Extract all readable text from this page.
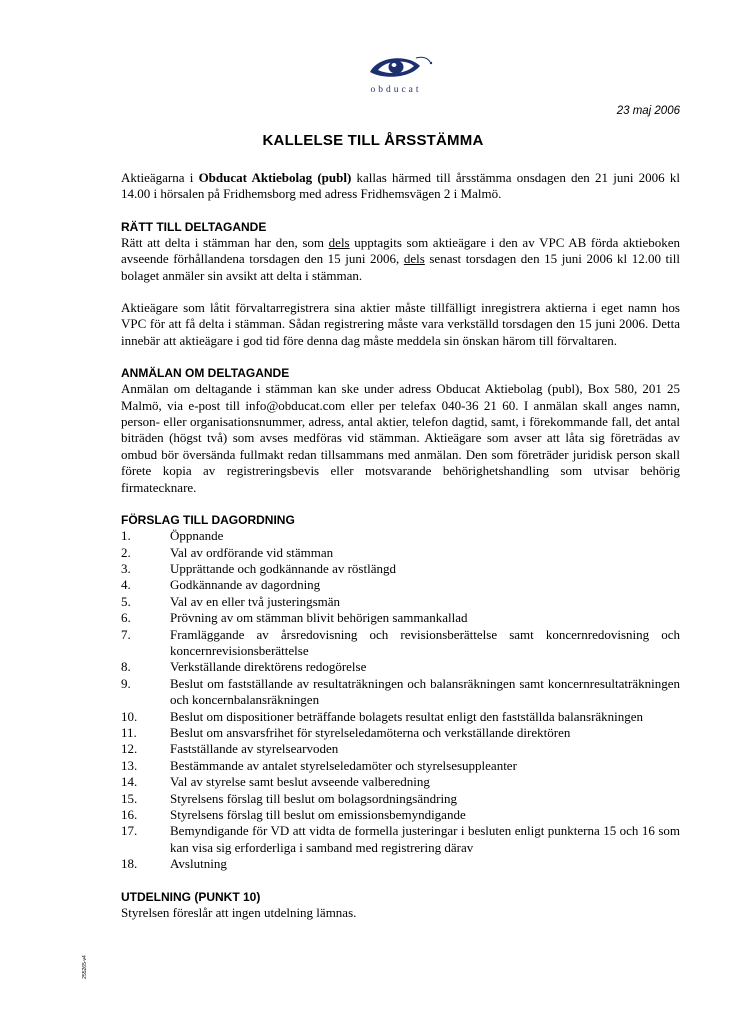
obducat
23 maj 2006
KALLELSE TILL ÅRSSTÄMMA

Aktieägarna i Obducat Aktiebolag (publ) kallas härmed till årsstämma onsdagen den 21 juni 2006 kl 14.00 i hörsalen på Fridhemsborg med adress Fridhemsvägen 2 i Malmö.

RÄTT TILL DELTAGANDE

Rätt att delta i stämman har den, som dels upptagits som aktieägare i den av VPC AB förda aktieboken avseende förhållandena torsdagen den 15 juni 2006, dels senast torsdagen den 15 juni 2006 kl 12.00 till bolaget anmäler sin avsikt att delta i stämman.

Aktieägare som låtit förvaltarregistrera sina aktier måste tillfälligt inregistrera aktierna i eget namn hos VPC för att få delta i stämman. Sådan registrering måste vara verkställd torsdagen den 15 juni 2006. Detta innebär att aktieägare i god tid före denna dag måste meddela sin önskan härom till förvaltaren.

ANMÄLAN OM DELTAGANDE

Anmälan om deltagande i stämman kan ske under adress Obducat Aktiebolag (publ), Box 580, 201 25 Malmö, via e-post till info@obducat.com eller per telefax 040-36 21 60. I anmälan skall anges namn, person- eller organisationsnummer, adress, antal aktier, telefon dagtid, samt, i förekommande fall, det antal biträden (högst två) som avses medföras vid stämman. Aktieägare som avser att låta sig företrädas av ombud bör översända fullmakt redan tillsammans med anmälan. Den som företräder juridisk person skall förete kopia av registreringsbevis eller motsvarande behörighetshandling som utvisar behörig firmatecknare.

FÖRSLAG TILL DAGORDNING

1.	Öppnande
2.	Val av ordförande vid stämman
3.	Upprättande och godkännande av röstlängd
4.	Godkännande av dagordning
5.	Val av en eller två justeringsmän
6.	Prövning av om stämman blivit behörigen sammankallad
7.	Framläggande av årsredovisning och revisionsberättelse samt koncernredovisning och koncernrevisionsberättelse
8.	Verkställande direktörens redogörelse
9.	Beslut om fastställande av resultaträkningen och balansräkningen samt koncernresultaträkningen och koncernbalansräkningen
10.	Beslut om dispositioner beträffande bolagets resultat enligt den fastställda balansräkningen
11.	Beslut om ansvarsfrihet för styrelseledamöterna och verkställande direktören
12.	Fastställande av styrelsearvoden
13.	Bestämmande av antalet styrelseledamöter och styrelsesuppleanter
14.	Val av styrelse samt beslut avseende valberedning
15.	Styrelsens förslag till beslut om bolagsordningsändring
16.	Styrelsens förslag till beslut om emissionsbemyndigande
17.	Bemyndigande för VD att vidta de formella justeringar i besluten enligt punkterna 15 och 16 som kan visa sig erforderliga i samband med registrering därav
18.	Avslutning

UTDELNING (PUNKT 10)

Styrelsen föreslår att ingen utdelning lämnas.

255265-v4
